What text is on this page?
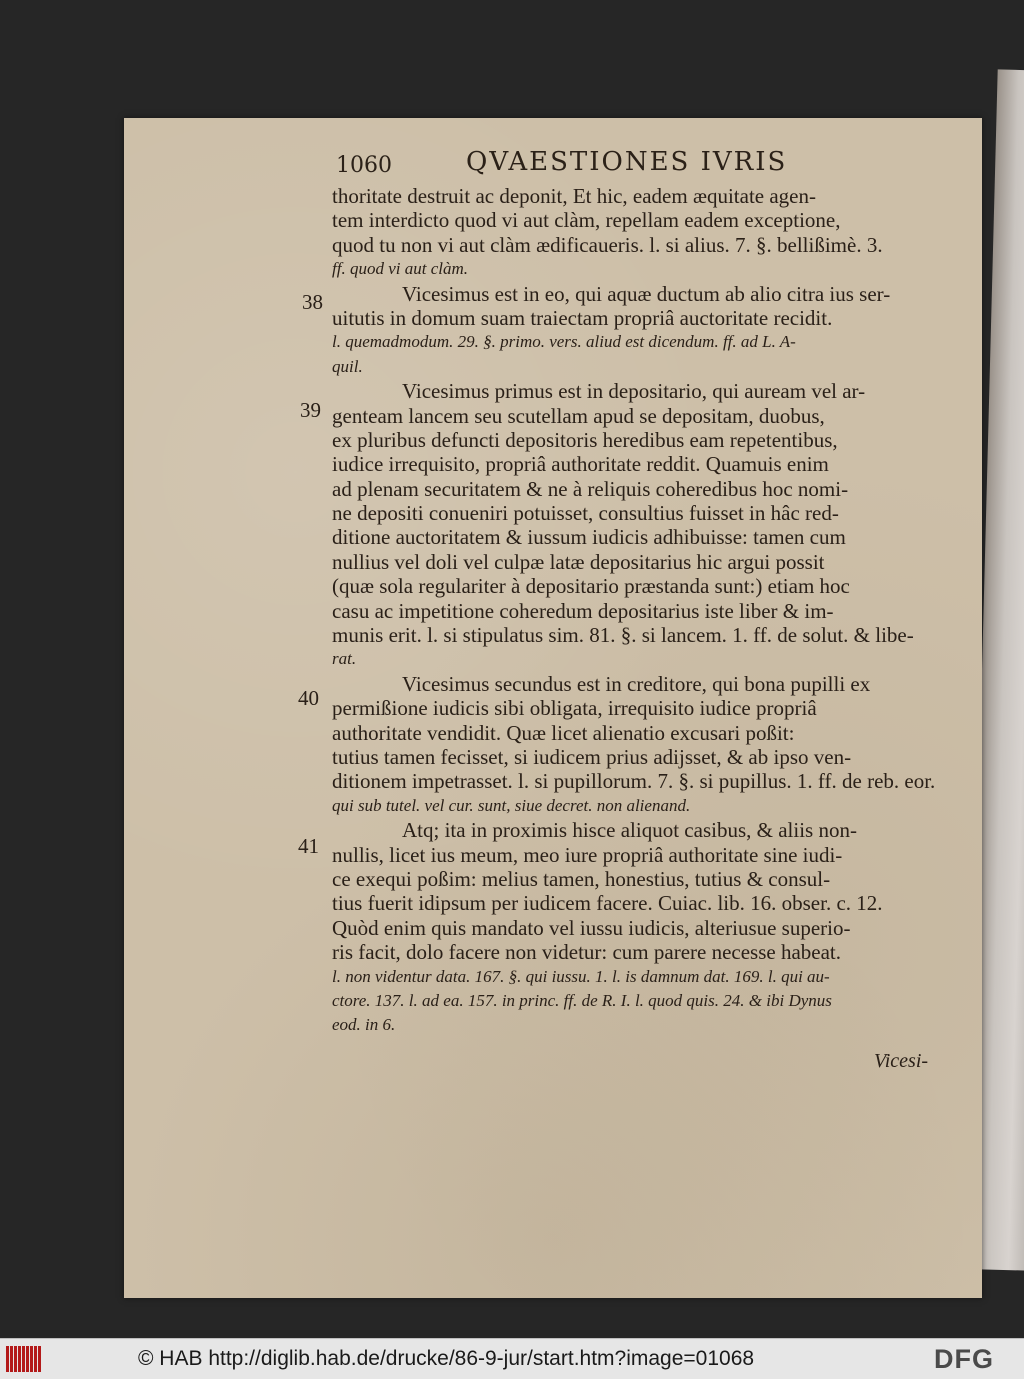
1060	QVAESTIONES IVRIS
38
39
40
41
thoritate destruit ac deponit, Et hic, eadem æquitate agen-
tem interdicto quod vi aut clàm, repellam eadem exceptione,
quod tu non vi aut clàm ædificaueris. l. si alius. 7. §. bellißimè. 3.
ff. quod vi aut clàm.
Vicesimus est in eo, qui aquæ ductum ab alio citra ius ser-
uitutis in domum suam traiectam propriâ auctoritate recidit.
l. quemadmodum. 29. §. primo. vers. aliud est dicendum. ff. ad L. A-
quil.
Vicesimus primus est in depositario, qui auream vel ar-
genteam lancem seu scutellam apud se depositam, duobus,
ex pluribus defuncti depositoris heredibus eam repetentibus,
iudice irrequisito, propriâ authoritate reddit. Quamuis enim
ad plenam securitatem & ne à reliquis coheredibus hoc nomi-
ne depositi conueniri potuisset, consultius fuisset in hâc red-
ditione auctoritatem & iussum iudicis adhibuisse: tamen cum
nullius vel doli vel culpæ latæ depositarius hic argui possit
(quæ sola regulariter à depositario præstanda sunt:) etiam hoc
casu ac impetitione coheredum depositarius iste liber & im-
munis erit. l. si stipulatus sim. 81. §. si lancem. 1. ff. de solut. & libe-
rat.
Vicesimus secundus est in creditore, qui bona pupilli ex
permißione iudicis sibi obligata, irrequisito iudice propriâ
authoritate vendidit. Quæ licet alienatio excusari poßit:
tutius tamen fecisset, si iudicem prius adijsset, & ab ipso ven-
ditionem impetrasset. l. si pupillorum. 7. §. si pupillus. 1. ff. de reb. eor.
qui sub tutel. vel cur. sunt, siue decret. non alienand.
Atq; ita in proximis hisce aliquot casibus, & aliis non-
nullis, licet ius meum, meo iure propriâ authoritate sine iudi-
ce exequi poßim: melius tamen, honestius, tutius & consul-
tius fuerit idipsum per iudicem facere. Cuiac. lib. 16. obser. c. 12.
Quòd enim quis mandato vel iussu iudicis, alteriusue superio-
ris facit, dolo facere non videtur: cum parere necesse habeat.
l. non videntur data. 167. §. qui iussu. 1. l. is damnum dat. 169. l. qui au-
ctore. 137. l. ad ea. 157. in princ. ff. de R. I. l. quod quis. 24. & ibi Dynus
eod. in 6.
Vicesi-
© HAB http://diglib.hab.de/drucke/86-9-jur/start.htm?image=01068	DFG
